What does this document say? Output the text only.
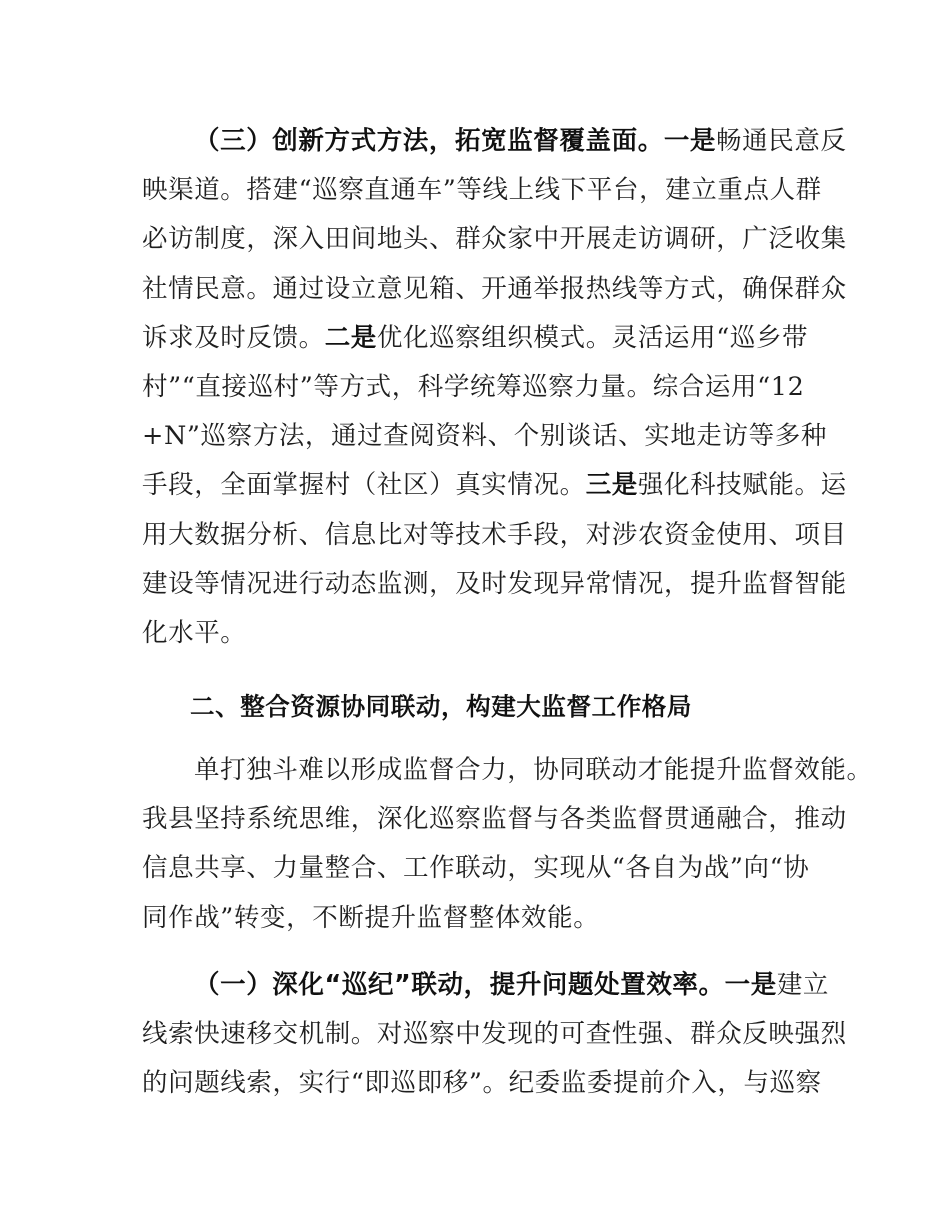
（三）创新方式方法，拓宽监督覆盖面。一是畅通民意反
映渠道。搭建“巡察直通车”等线上线下平台，建立重点人群
必访制度，深入田间地头、群众家中开展走访调研，广泛收集
社情民意。通过设立意见箱、开通举报热线等方式，确保群众
诉求及时反馈。二是优化巡察组织模式。灵活运用“巡乡带
村”“直接巡村”等方式，科学统筹巡察力量。综合运用“12
+N”巡察方法，通过查阅资料、个别谈话、实地走访等多种
手段，全面掌握村（社区）真实情况。三是强化科技赋能。运
用大数据分析、信息比对等技术手段，对涉农资金使用、项目
建设等情况进行动态监测，及时发现异常情况，提升监督智能
化水平。
二、整合资源协同联动，构建大监督工作格局
单打独斗难以形成监督合力，协同联动才能提升监督效能。
我县坚持系统思维，深化巡察监督与各类监督贯通融合，推动
信息共享、力量整合、工作联动，实现从“各自为战”向“协
同作战”转变，不断提升监督整体效能。
（一）深化“巡纪”联动，提升问题处置效率。一是建立
线索快速移交机制。对巡察中发现的可查性强、群众反映强烈
的问题线索，实行“即巡即移”。纪委监委提前介入，与巡察
